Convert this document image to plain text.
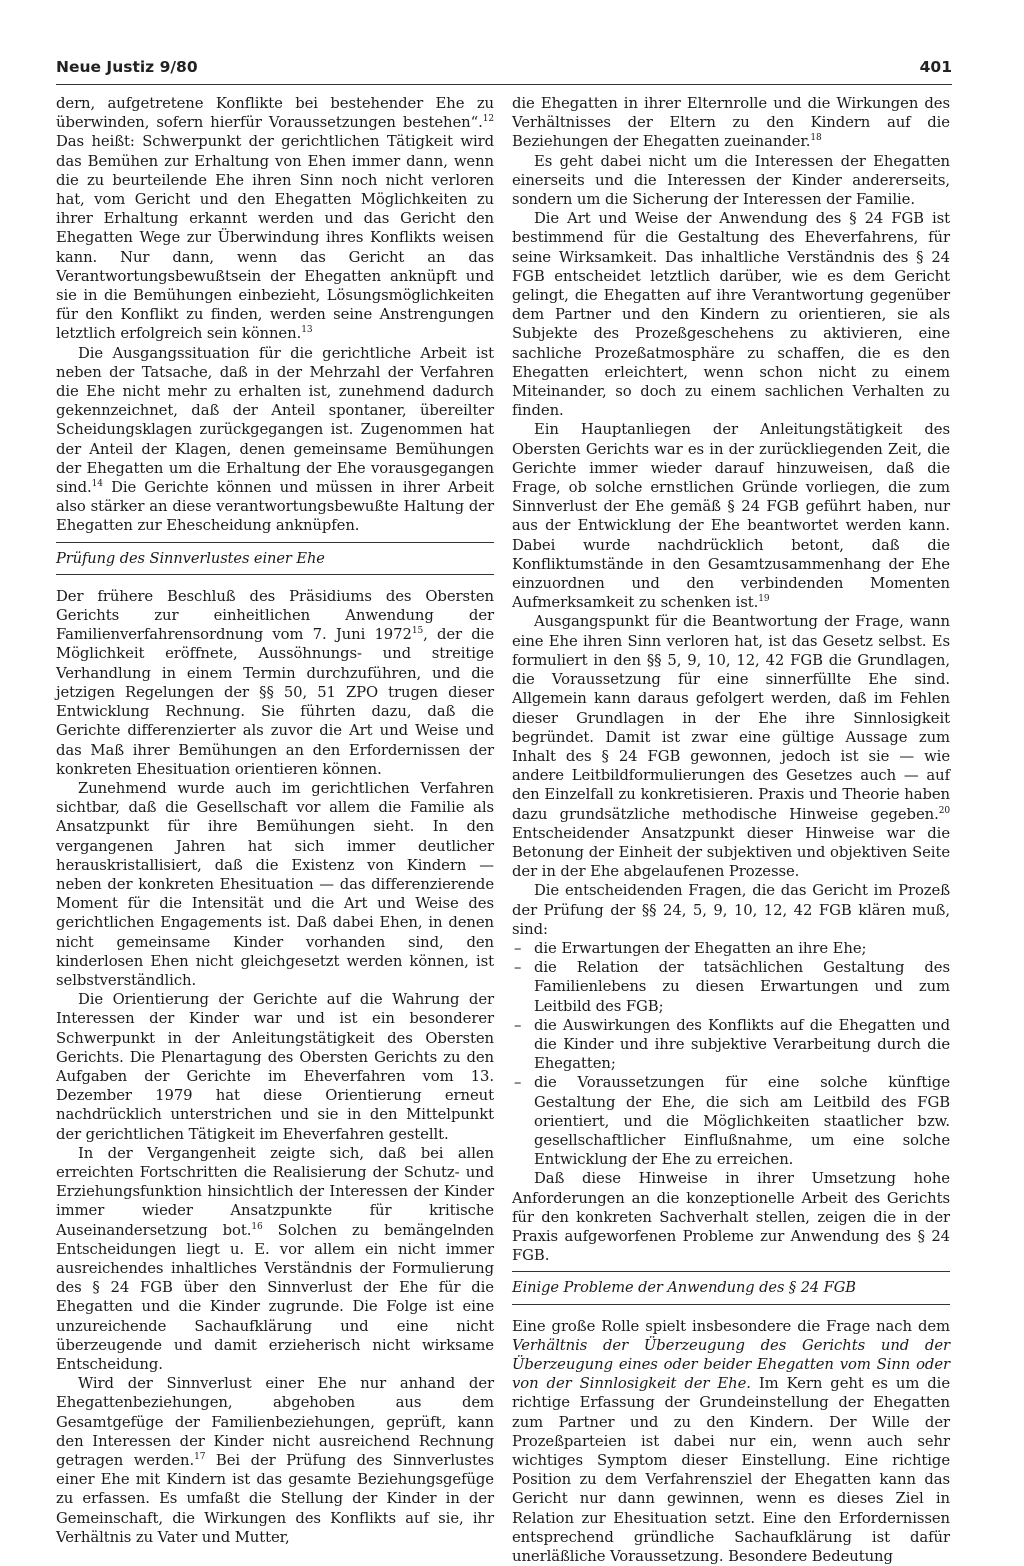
Neue Justiz 9/80	401

dern, aufgetretene Konflikte bei bestehender Ehe zu überwinden, sofern hierfür Voraussetzungen bestehen“.$^{12}$ Das heißt: Schwerpunkt der gerichtlichen Tätigkeit wird das Bemühen zur Erhaltung von Ehen immer dann, wenn die zu beurteilende Ehe ihren Sinn noch nicht verloren hat, vom Gericht und den Ehegatten Möglichkeiten zu ihrer Erhaltung erkannt werden und das Gericht den Ehegatten Wege zur Überwindung ihres Konflikts weisen kann. Nur dann, wenn das Gericht an das Verantwortungsbewußtsein der Ehegatten anknüpft und sie in die Bemühungen einbezieht, Lösungsmöglichkeiten für den Konflikt zu finden, werden seine Anstrengungen letztlich erfolgreich sein können.$^{13}$

Die Ausgangssituation für die gerichtliche Arbeit ist neben der Tatsache, daß in der Mehrzahl der Verfahren die Ehe nicht mehr zu erhalten ist, zunehmend dadurch gekennzeichnet, daß der Anteil spontaner, übereilter Scheidungsklagen zurückgegangen ist. Zugenommen hat der Anteil der Klagen, denen gemeinsame Bemühungen der Ehegatten um die Erhaltung der Ehe vorausgegangen sind.$^{14}$ Die Gerichte können und müssen in ihrer Arbeit also stärker an diese verantwortungsbewußte Haltung der Ehegatten zur Ehescheidung anknüpfen.

Prüfung des Sinnverlustes einer Ehe

Der frühere Beschluß des Präsidiums des Obersten Gerichts zur einheitlichen Anwendung der Familienverfahrensordnung vom 7. Juni 1972$^{15}$, der die Möglichkeit eröffnete, Aussöhnungs- und streitige Verhandlung in einem Termin durchzuführen, und die jetzigen Regelungen der §§ 50, 51 ZPO trugen dieser Entwicklung Rechnung. Sie führten dazu, daß die Gerichte differenzierter als zuvor die Art und Weise und das Maß ihrer Bemühungen an den Erfordernissen der konkreten Ehesituation orientieren können.

Zunehmend wurde auch im gerichtlichen Verfahren sichtbar, daß die Gesellschaft vor allem die Familie als Ansatzpunkt für ihre Bemühungen sieht. In den vergangenen Jahren hat sich immer deutlicher herauskristallisiert, daß die Existenz von Kindern — neben der konkreten Ehesituation — das differenzierende Moment für die Intensität und die Art und Weise des gerichtlichen Engagements ist. Daß dabei Ehen, in denen nicht gemeinsame Kinder vorhanden sind, den kinderlosen Ehen nicht gleichgesetzt werden können, ist selbstverständlich.

Die Orientierung der Gerichte auf die Wahrung der Interessen der Kinder war und ist ein besonderer Schwerpunkt in der Anleitungstätigkeit des Obersten Gerichts. Die Plenartagung des Obersten Gerichts zu den Aufgaben der Gerichte im Eheverfahren vom 13. Dezember 1979 hat diese Orientierung erneut nachdrücklich unterstrichen und sie in den Mittelpunkt der gerichtlichen Tätigkeit im Eheverfahren gestellt.

In der Vergangenheit zeigte sich, daß bei allen erreichten Fortschritten die Realisierung der Schutz- und Erziehungsfunktion hinsichtlich der Interessen der Kinder immer wieder Ansatzpunkte für kritische Auseinandersetzung bot.$^{16}$ Solchen zu bemängelnden Entscheidungen liegt u. E. vor allem ein nicht immer ausreichendes inhaltliches Verständnis der Formulierung des § 24 FGB über den Sinnverlust der Ehe für die Ehegatten und die Kinder zugrunde. Die Folge ist eine unzureichende Sachaufklärung und eine nicht überzeugende und damit erzieherisch nicht wirksame Entscheidung.

Wird der Sinnverlust einer Ehe nur anhand der Ehegattenbeziehungen, abgehoben aus dem Gesamtgefüge der Familienbeziehungen, geprüft, kann den Interessen der Kinder nicht ausreichend Rechnung getragen werden.$^{17}$ Bei der Prüfung des Sinnverlustes einer Ehe mit Kindern ist das gesamte Beziehungsgefüge zu erfassen. Es umfaßt die Stellung der Kinder in der Gemeinschaft, die Wirkungen des Konflikts auf sie, ihr Verhältnis zu Vater und Mutter,

die Ehegatten in ihrer Elternrolle und die Wirkungen des Verhältnisses der Eltern zu den Kindern auf die Beziehungen der Ehegatten zueinander.$^{18}$

Es geht dabei nicht um die Interessen der Ehegatten einerseits und die Interessen der Kinder andererseits, sondern um die Sicherung der Interessen der Familie.

Die Art und Weise der Anwendung des § 24 FGB ist bestimmend für die Gestaltung des Eheverfahrens, für seine Wirksamkeit. Das inhaltliche Verständnis des § 24 FGB entscheidet letztlich darüber, wie es dem Gericht gelingt, die Ehegatten auf ihre Verantwortung gegenüber dem Partner und den Kindern zu orientieren, sie als Subjekte des Prozeßgeschehens zu aktivieren, eine sachliche Prozeßatmosphäre zu schaffen, die es den Ehegatten erleichtert, wenn schon nicht zu einem Miteinander, so doch zu einem sachlichen Verhalten zu finden.

Ein Hauptanliegen der Anleitungstätigkeit des Obersten Gerichts war es in der zurückliegenden Zeit, die Gerichte immer wieder darauf hinzuweisen, daß die Frage, ob solche ernstlichen Gründe vorliegen, die zum Sinnverlust der Ehe gemäß § 24 FGB geführt haben, nur aus der Entwicklung der Ehe beantwortet werden kann. Dabei wurde nachdrücklich betont, daß die Konfliktumstände in den Gesamtzusammenhang der Ehe einzuordnen und den verbindenden Momenten Aufmerksamkeit zu schenken ist.$^{19}$

Ausgangspunkt für die Beantwortung der Frage, wann eine Ehe ihren Sinn verloren hat, ist das Gesetz selbst. Es formuliert in den §§ 5, 9, 10, 12, 42 FGB die Grundlagen, die Voraussetzung für eine sinnerfüllte Ehe sind. Allgemein kann daraus gefolgert werden, daß im Fehlen dieser Grundlagen in der Ehe ihre Sinnlosigkeit begründet. Damit ist zwar eine gültige Aussage zum Inhalt des § 24 FGB gewonnen, jedoch ist sie — wie andere Leitbildformulierungen des Gesetzes auch — auf den Einzelfall zu konkretisieren. Praxis und Theorie haben dazu grundsätzliche methodische Hinweise gegeben.$^{20}$ Entscheidender Ansatzpunkt dieser Hinweise war die Betonung der Einheit der subjektiven und objektiven Seite der in der Ehe abgelaufenen Prozesse.

Die entscheidenden Fragen, die das Gericht im Prozeß der Prüfung der §§ 24, 5, 9, 10, 12, 42 FGB klären muß, sind:

– die Erwartungen der Ehegatten an ihre Ehe;
– die Relation der tatsächlichen Gestaltung des Familienlebens zu diesen Erwartungen und zum Leitbild des FGB;
– die Auswirkungen des Konflikts auf die Ehegatten und die Kinder und ihre subjektive Verarbeitung durch die Ehegatten;
– die Voraussetzungen für eine solche künftige Gestaltung der Ehe, die sich am Leitbild des FGB orientiert, und die Möglichkeiten staatlicher bzw. gesellschaftlicher Einflußnahme, um eine solche Entwicklung der Ehe zu erreichen.

Daß diese Hinweise in ihrer Umsetzung hohe Anforderungen an die konzeptionelle Arbeit des Gerichts für den konkreten Sachverhalt stellen, zeigen die in der Praxis aufgeworfenen Probleme zur Anwendung des § 24 FGB.

Einige Probleme der Anwendung des § 24 FGB

Eine große Rolle spielt insbesondere die Frage nach dem Verhältnis der Überzeugung des Gerichts und der Überzeugung eines oder beider Ehegatten vom Sinn oder von der Sinnlosigkeit der Ehe. Im Kern geht es um die richtige Erfassung der Grundeinstellung der Ehegatten zum Partner und zu den Kindern. Der Wille der Prozeßparteien ist dabei nur ein, wenn auch sehr wichtiges Symptom dieser Einstellung. Eine richtige Position zu dem Verfahrensziel der Ehegatten kann das Gericht nur dann gewinnen, wenn es dieses Ziel in Relation zur Ehesituation setzt. Eine den Erfordernissen entsprechend gründliche Sachaufklärung ist dafür unerläßliche Voraussetzung. Besondere Bedeutung
